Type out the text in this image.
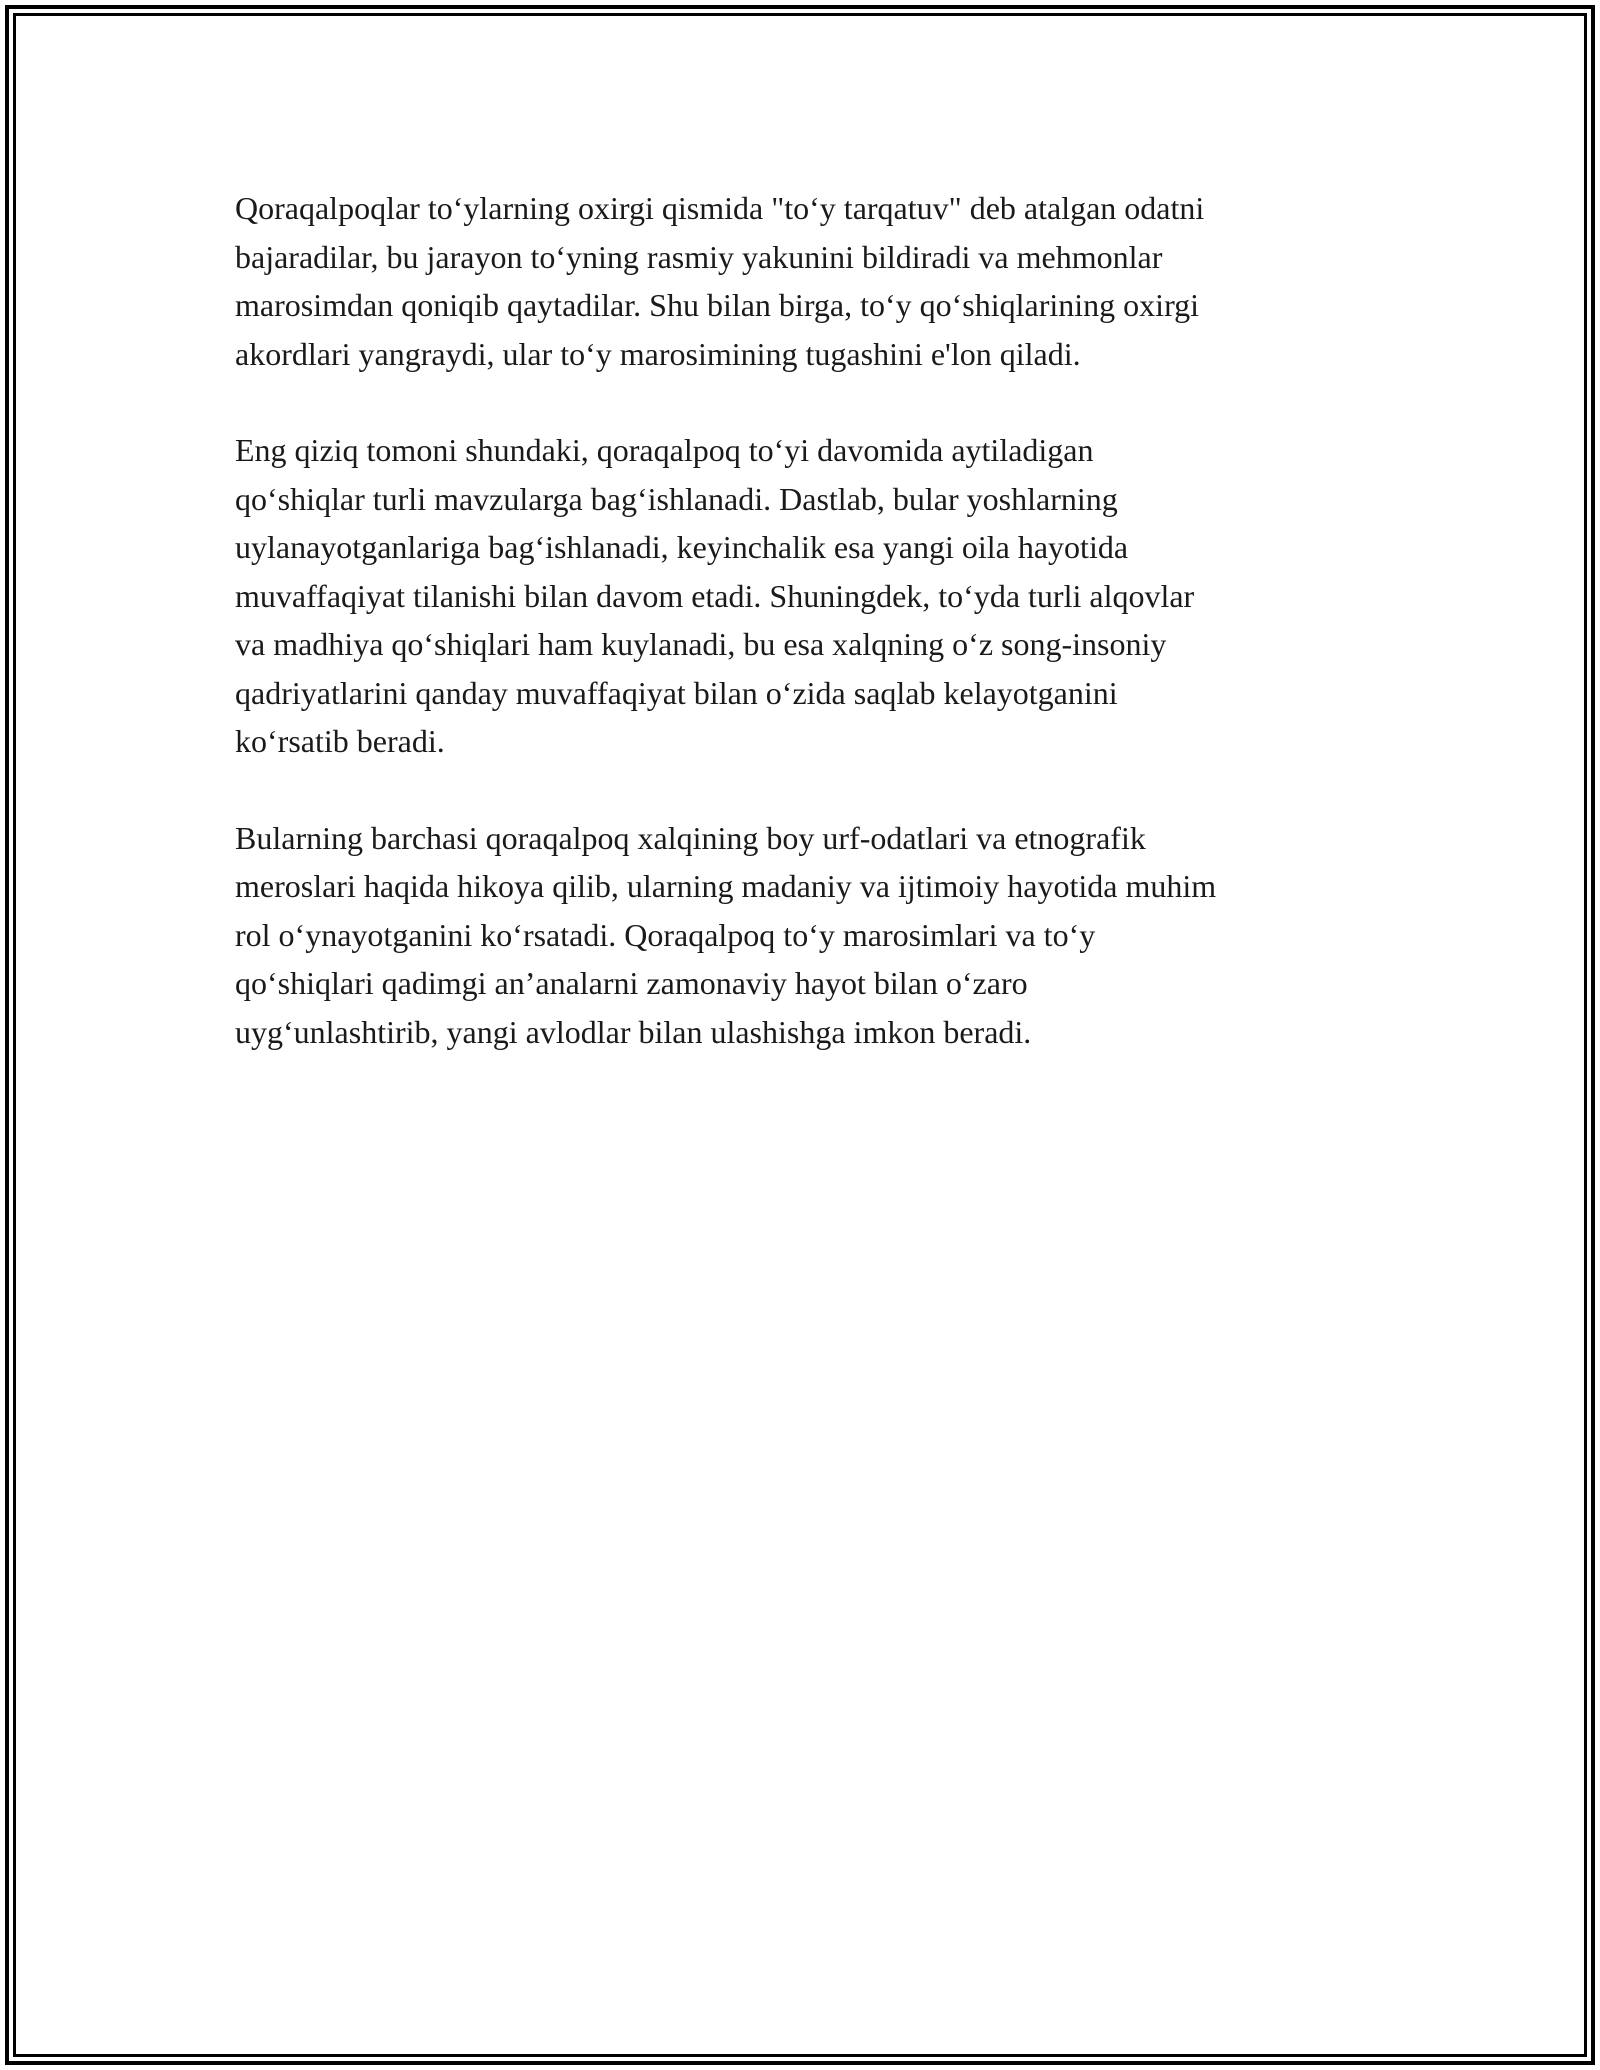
Qoraqalpoqlar to‘ylarning oxirgi qismida "to‘y tarqatuv" deb atalgan odatni
bajaradilar, bu jarayon to‘yning rasmiy yakunini bildiradi va mehmonlar
marosimdan qoniqib qaytadilar. Shu bilan birga, to‘y qo‘shiqlarining oxirgi
akordlari yangraydi, ular to‘y marosimining tugashini e'lon qiladi.

Eng qiziq tomoni shundaki, qoraqalpoq to‘yi davomida aytiladigan
qo‘shiqlar turli mavzularga bag‘ishlanadi. Dastlab, bular yoshlarning
uylanayotganlariga bag‘ishlanadi, keyinchalik esa yangi oila hayotida
muvaffaqiyat tilanishi bilan davom etadi. Shuningdek, to‘yda turli alqovlar
va madhiya qo‘shiqlari ham kuylanadi, bu esa xalqning o‘z song-insoniy
qadriyatlarini qanday muvaffaqiyat bilan o‘zida saqlab kelayotganini
ko‘rsatib beradi.

Bularning barchasi qoraqalpoq xalqining boy urf-odatlari va etnografik
meroslari haqida hikoya qilib, ularning madaniy va ijtimoiy hayotida muhim
rol o‘ynayotganini ko‘rsatadi. Qoraqalpoq to‘y marosimlari va to‘y
qo‘shiqlari qadimgi an’analarni zamonaviy hayot bilan o‘zaro
uyg‘unlashtirib, yangi avlodlar bilan ulashishga imkon beradi.
